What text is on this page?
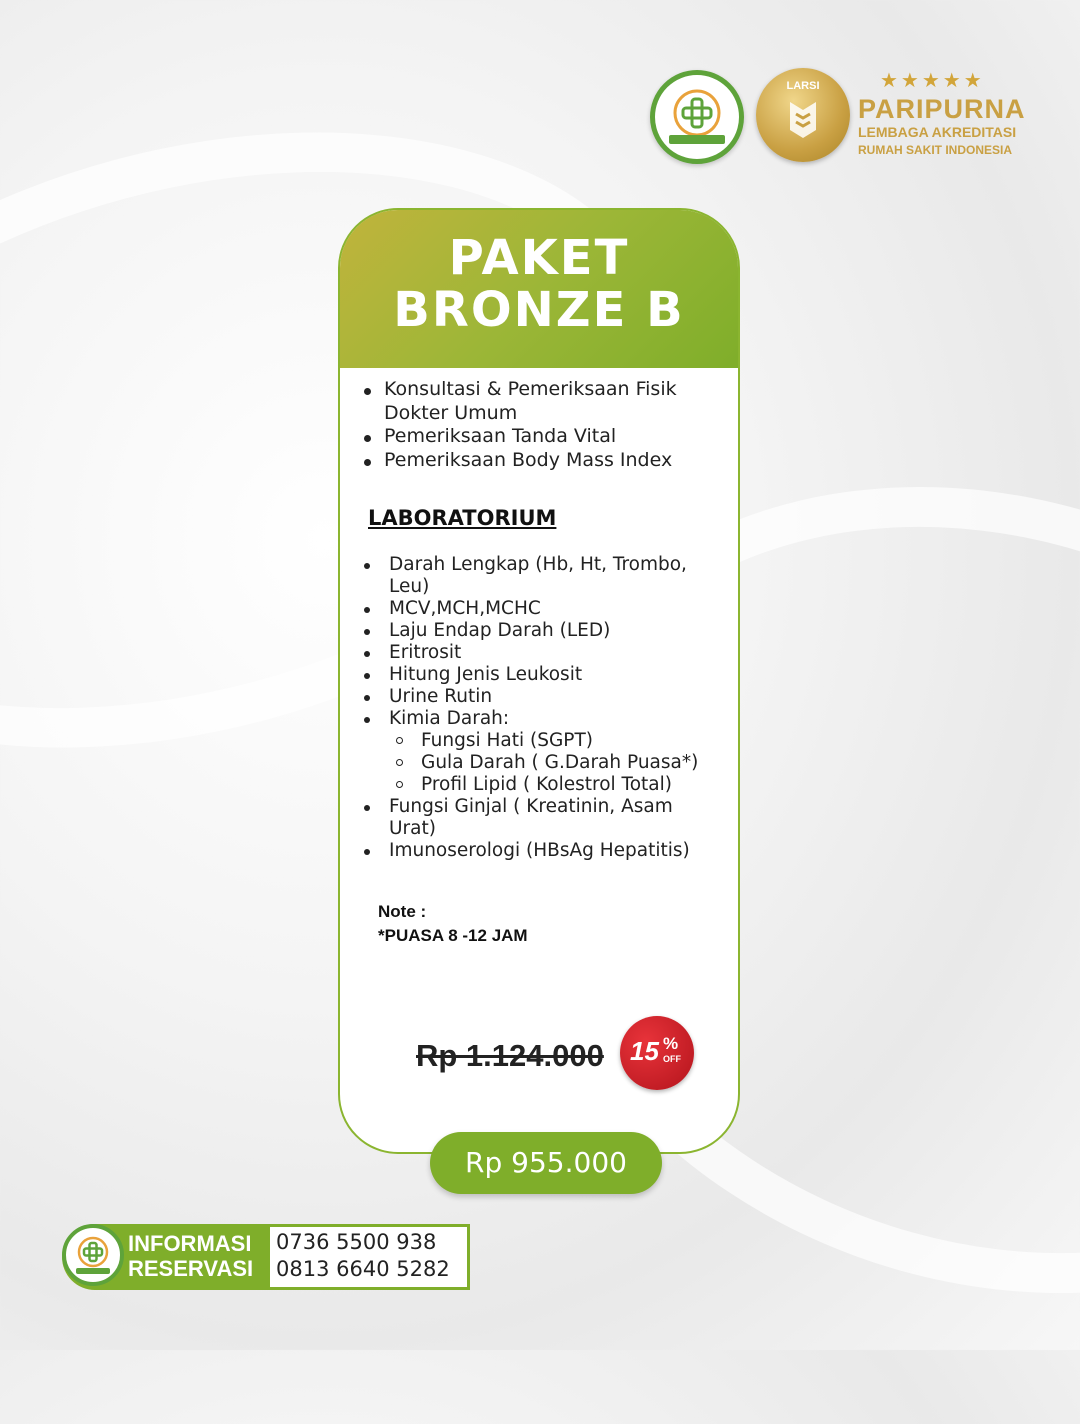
LARSI	★★★★★
PARIPURNA
LEMBAGA AKREDITASI
RUMAH SAKIT INDONESIA
PAKET
BRONZE B
Konsultasi & Pemeriksaan Fisik Dokter Umum
Pemeriksaan Tanda Vital
Pemeriksaan Body Mass Index
LABORATORIUM
Darah Lengkap (Hb, Ht, Trombo, Leu)
MCV,MCH,MCHC
Laju Endap Darah (LED)
Eritrosit
Hitung Jenis Leukosit
Urine Rutin
Kimia Darah:
Fungsi Hati (SGPT)
Gula Darah ( G.Darah Puasa*)
Profil Lipid ( Kolestrol Total)
Fungsi Ginjal ( Kreatinin, Asam Urat)
Imunoserologi (HBsAg Hepatitis)
Note :
*PUASA 8 -12 JAM
Rp 1.124.000 15 %
OFF
Rp 955.000
INFORMASI
RESERVASI
0736 5500 938
0813 6640 5282
